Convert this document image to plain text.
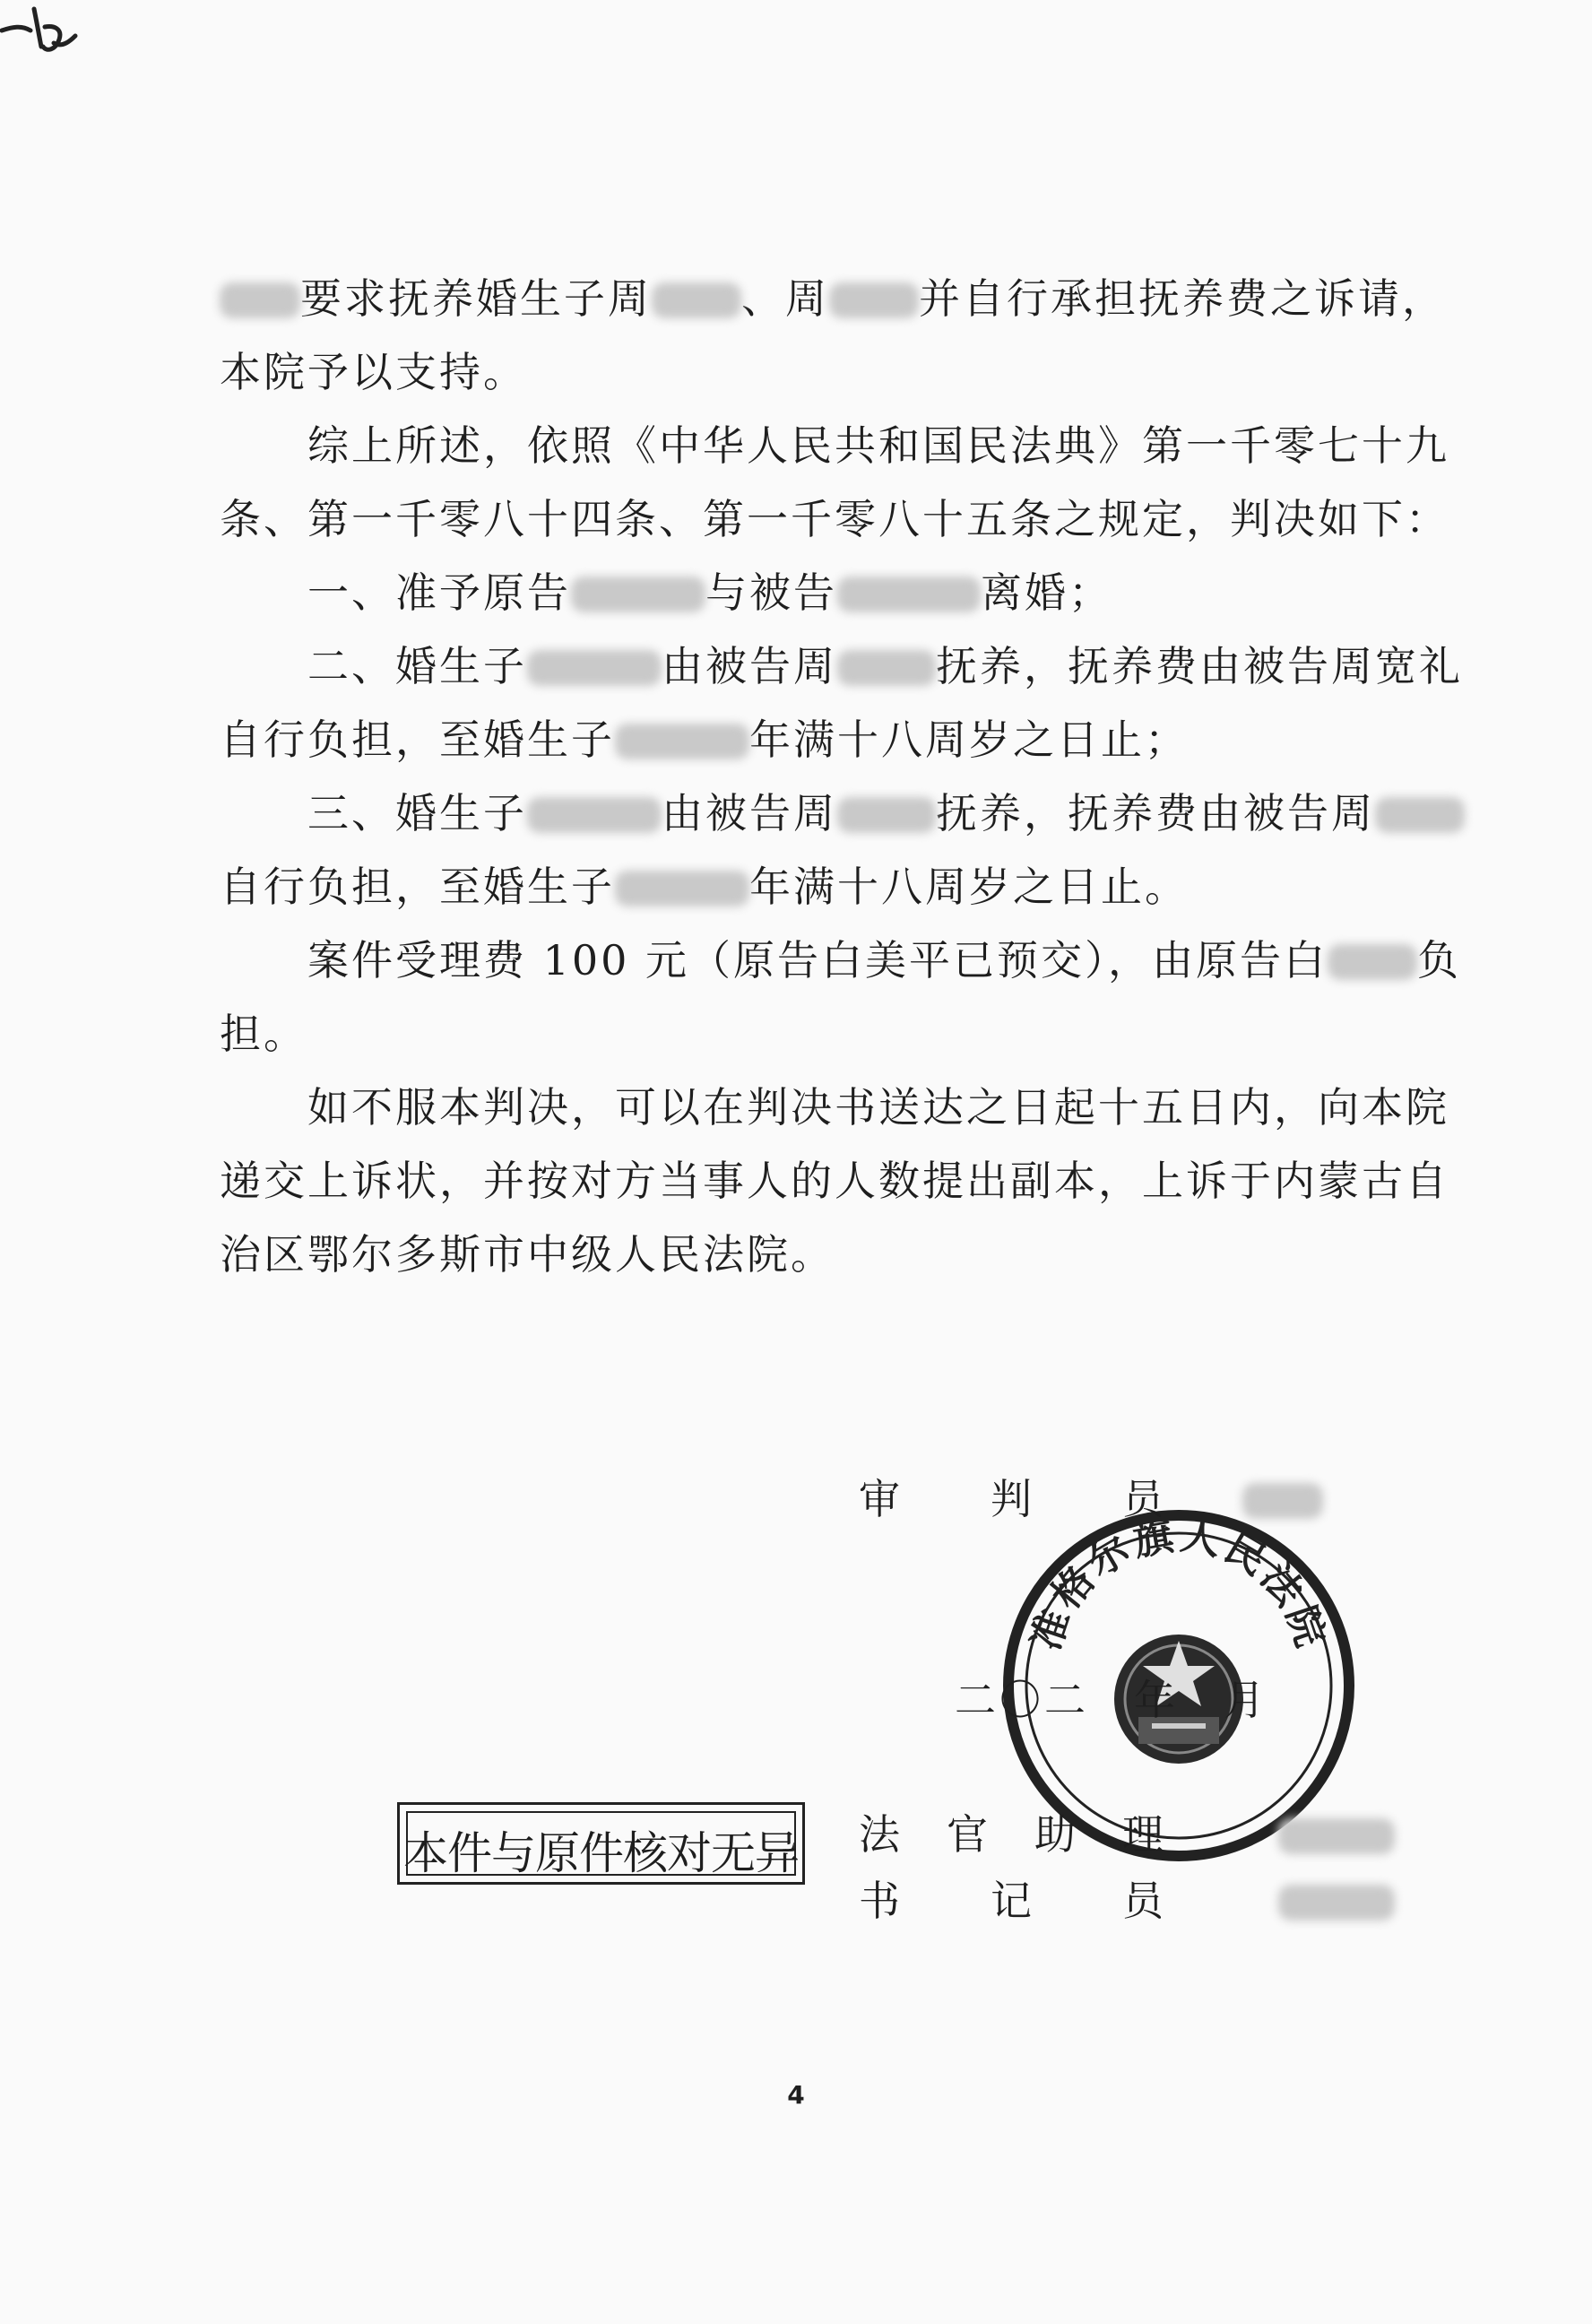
要求抚养婚生子周 、周 并自行承担抚养费之诉请，

本院予以支持。

综上所述，依照《中华人民共和国民法典》第一千零七十九

条、第一千零八十四条、第一千零八十五条之规定，判决如下：

一、准予原告	与被告	离婚；

二、婚生子	由被告周 抚养，抚养费由被告周宽礼

自行负担，至婚生子	年满十八周岁之日止；

三、婚生子	由被告周 抚养，抚养费由被告周

自行负担，至婚生子	年满十八周岁之日止。

案件受理费 100 元（原告白美平已预交），由原告白 负

担。

如不服本判决，可以在判决书送达之日起十五日内，向本院

递交上诉状，并按对方当事人的人数提出副本，上诉于内蒙古自

治区鄂尔多斯市中级人民法院。

准格尔旗人民法院
审　　判　　员
二〇二　年　月
法　官　助　理
书　　记　　员
本件与原件核对无异
4
